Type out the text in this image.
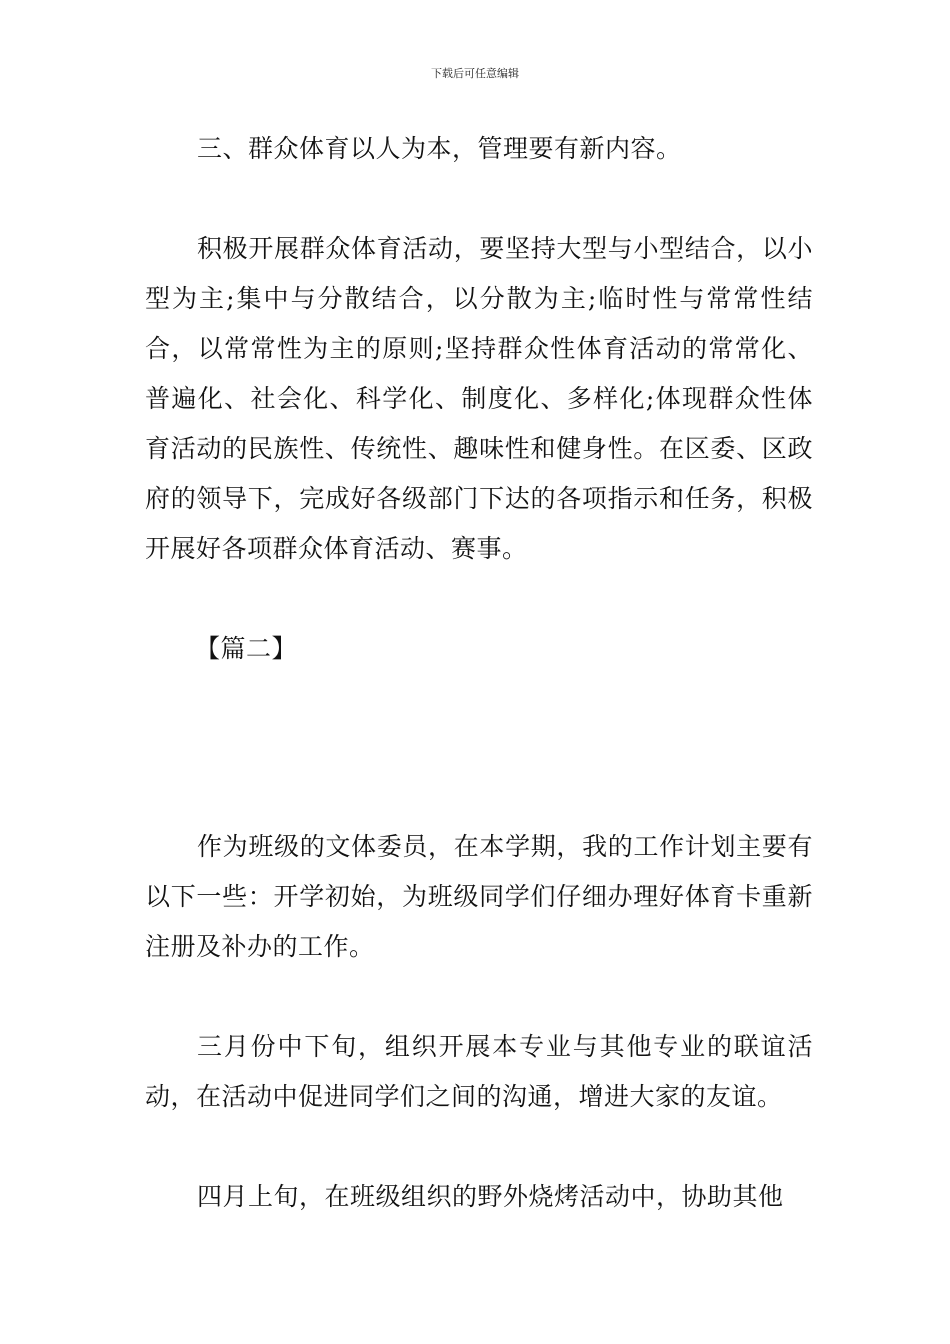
下载后可任意编辑

三、群众体育以人为本，管理要有新内容。

积极开展群众体育活动，要坚持大型与小型结合，以小型为主;集中与分散结合，以分散为主;临时性与常常性结合，以常常性为主的原则;坚持群众性体育活动的常常化、普遍化、社会化、科学化、制度化、多样化;体现群众性体育活动的民族性、传统性、趣味性和健身性。在区委、区政府的领导下，完成好各级部门下达的各项指示和任务，积极开展好各项群众体育活动、赛事。

【篇二】

作为班级的文体委员，在本学期，我的工作计划主要有以下一些：开学初始，为班级同学们仔细办理好体育卡重新注册及补办的工作。

三月份中下旬，组织开展本专业与其他专业的联谊活动，在活动中促进同学们之间的沟通，增进大家的友谊。

四月上旬，在班级组织的野外烧烤活动中，协助其他
